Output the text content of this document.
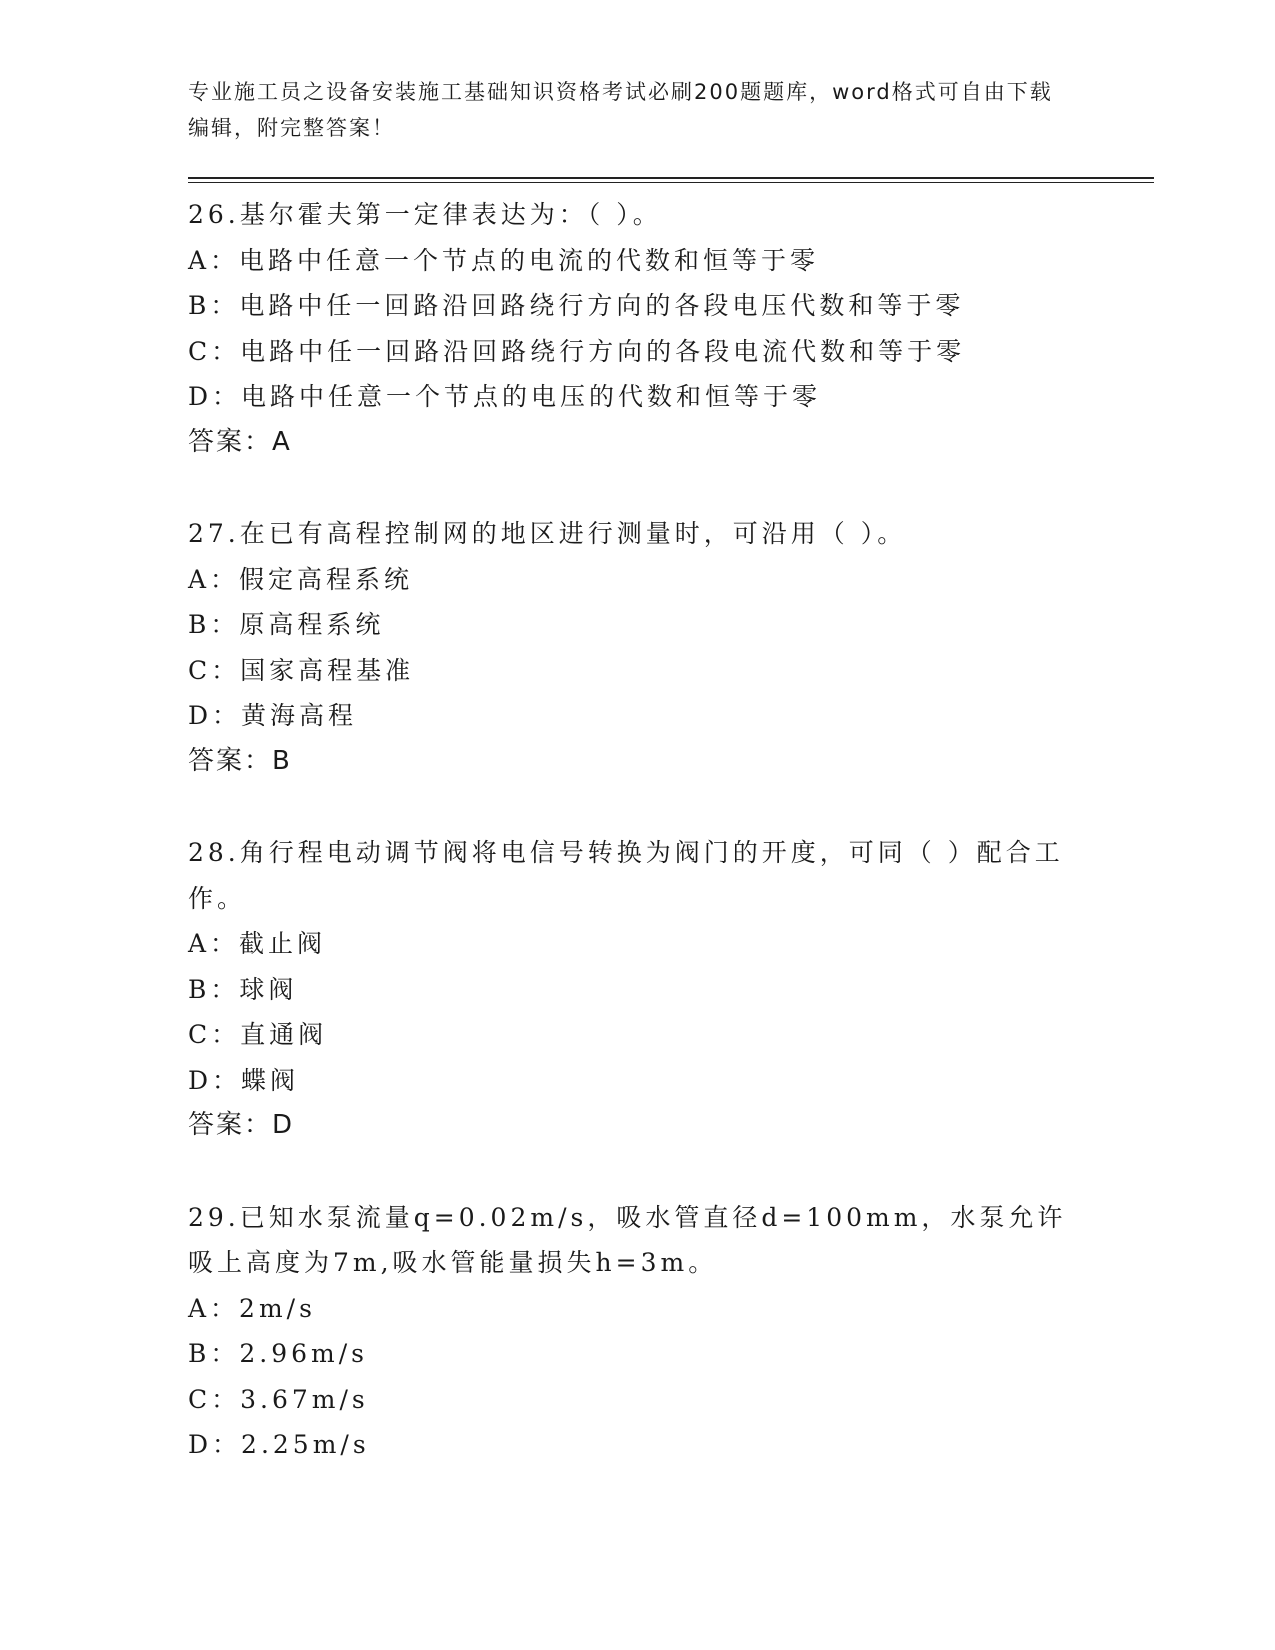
专业施工员之设备安装施工基础知识资格考试必刷200题题库，word格式可自由下载编辑，附完整答案！
26.基尔霍夫第一定律表达为：（ ）。
A：电路中任意一个节点的电流的代数和恒等于零
B：电路中任一回路沿回路绕行方向的各段电压代数和等于零
C：电路中任一回路沿回路绕行方向的各段电流代数和等于零
D：电路中任意一个节点的电压的代数和恒等于零
答案：A
27.在已有高程控制网的地区进行测量时，可沿用（ ）。
A：假定高程系统
B：原高程系统
C：国家高程基准
D：黄海高程
答案：B
28.角行程电动调节阀将电信号转换为阀门的开度，可同（ ）配合工作。
A：截止阀
B：球阀
C：直通阀
D：蝶阀
答案：D
29.已知水泵流量q=0.02m/s，吸水管直径d=100mm，水泵允许吸上高度为7m,吸水管能量损失h=3m。
A：2m/s
B：2.96m/s
C：3.67m/s
D：2.25m/s
